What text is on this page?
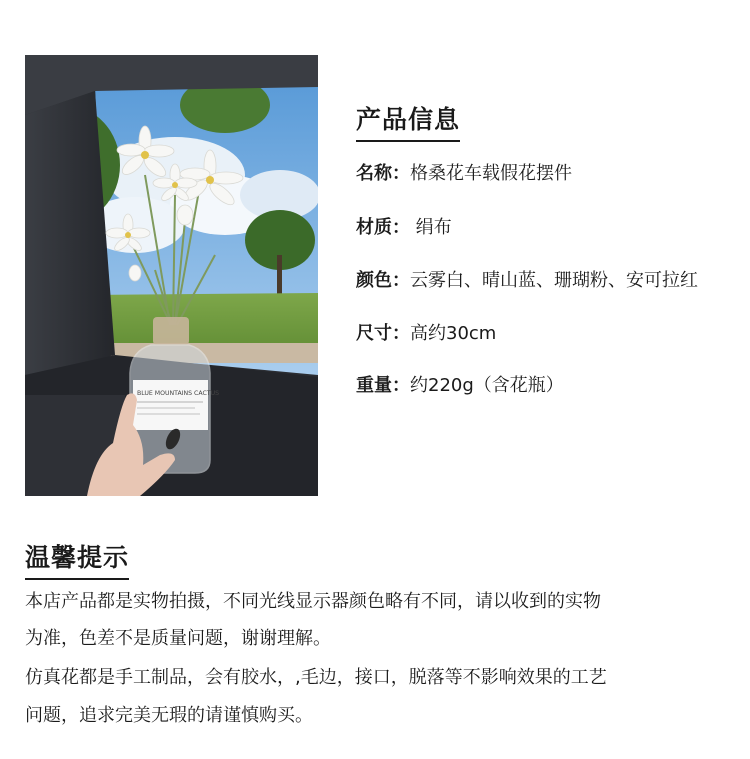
BLUE MOUNTAINS CACTUS
产品信息
名称：格桑花车载假花摆件
材质： 绢布
颜色：云雾白、晴山蓝、珊瑚粉、安可拉红
尺寸：高约30cm
重量：约220g（含花瓶）
温馨提示
本店产品都是实物拍摄，不同光线显示器颜色略有不同，请以收到的实物
为准，色差不是质量问题，谢谢理解。
仿真花都是手工制品，会有胶水，,毛边，接口，脱落等不影响效果的工艺
问题，追求完美无瑕的请谨慎购买。
